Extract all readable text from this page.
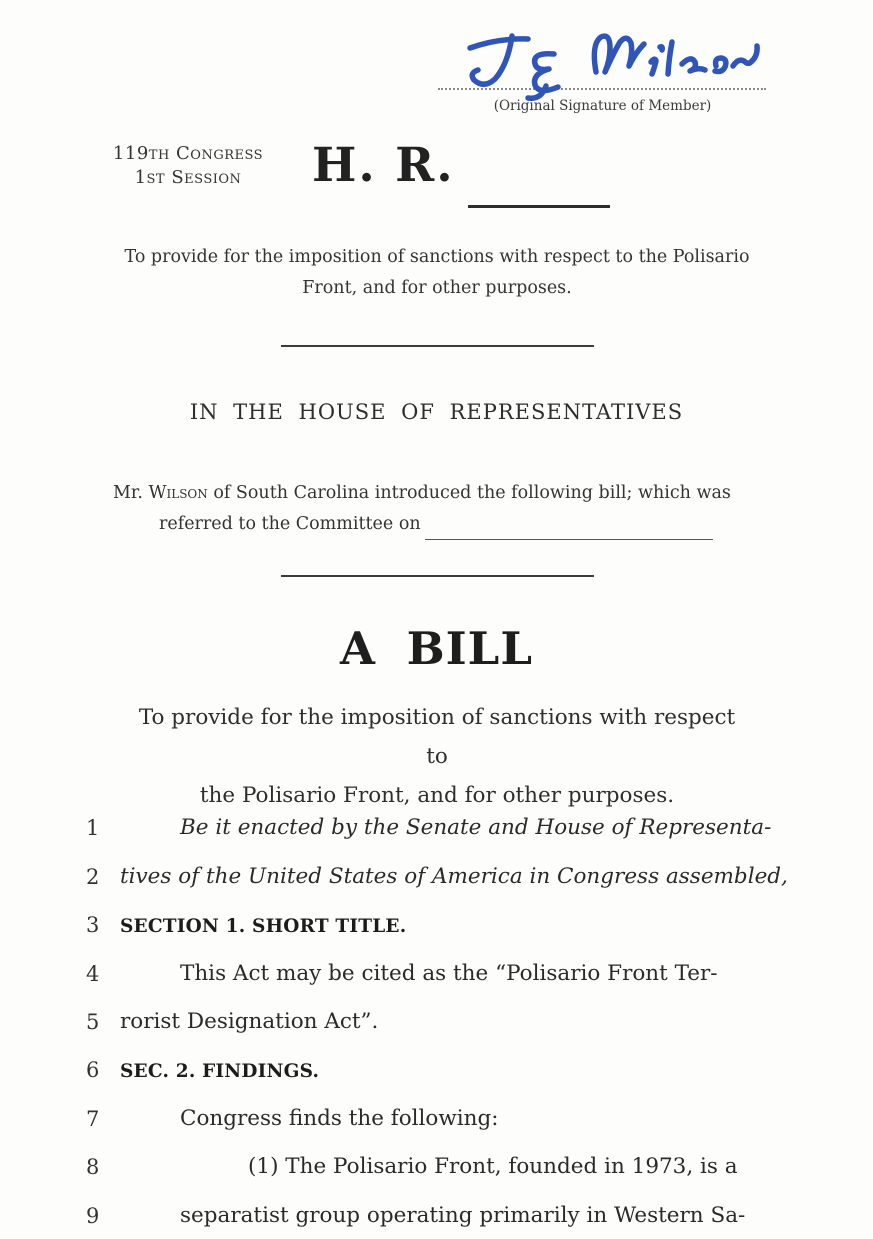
(Original Signature of Member)
119th Congress
1st Session	H. R.
To provide for the imposition of sanctions with respect to the Polisario
Front, and for other purposes.
IN THE HOUSE OF REPRESENTATIVES
Mr. Wilson of South Carolina introduced the following bill; which was
referred to the Committee on
A BILL
To provide for the imposition of sanctions with respect to
the Polisario Front, and for other purposes.
1	Be it enacted by the Senate and House of Representa-
2 tives of the United States of America in Congress assembled,
3	SECTION 1. SHORT TITLE.
4	This Act may be cited as the “Polisario Front Ter-
5 rorist Designation Act”.
6	SEC. 2. FINDINGS.
7	Congress finds the following:
8	(1) The Polisario Front, founded in 1973, is a
9	separatist group operating primarily in Western Sa-
